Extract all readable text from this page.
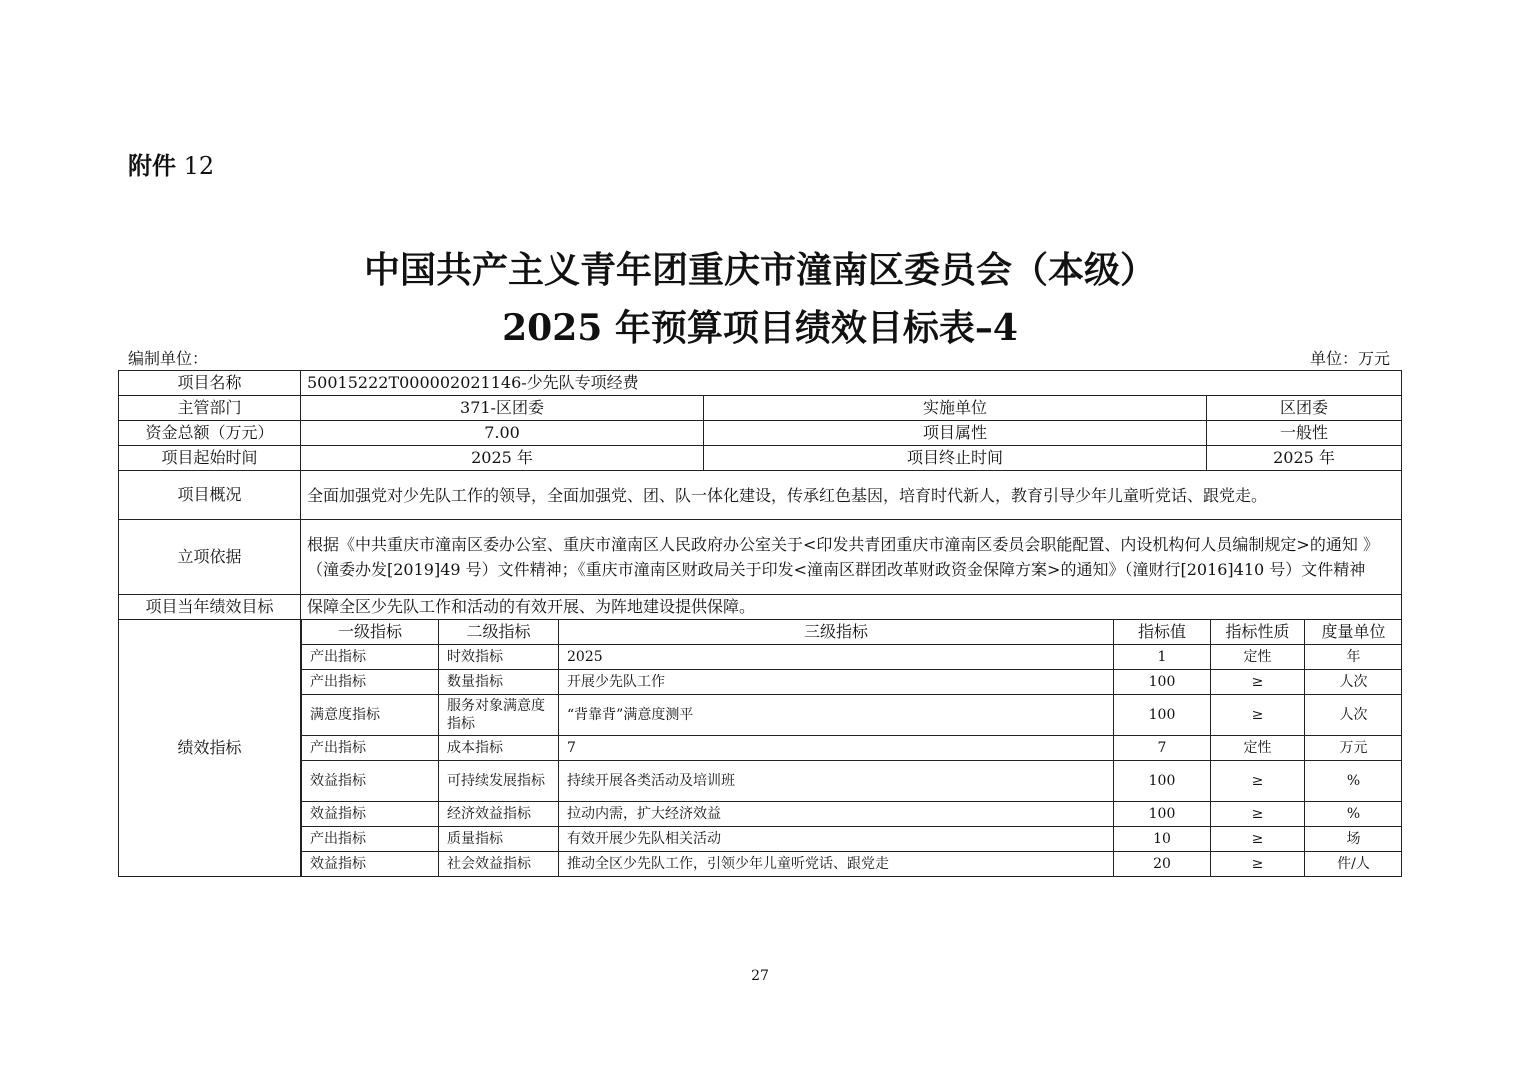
附件 12
中国共产主义青年团重庆市潼南区委员会（本级）
2025 年预算项目绩效目标表–4
编制单位：	单位：万元
项目名称	50015222T000002021146-少先队专项经费
主管部门	371-区团委	实施单位	区团委
资金总额（万元）	7.00	项目属性	一般性
项目起始时间	2025 年	项目终止时间	2025 年
项目概况	全面加强党对少先队工作的领导，全面加强党、团、队一体化建设，传承红色基因，培育时代新人，教育引导少年儿童听党话、跟党走。
立项依据	根据《中共重庆市潼南区委办公室、重庆市潼南区人民政府办公室关于<印发共青团重庆市潼南区委员会职能配置、内设机构何人员编制规定>的通知 》（潼委办发[2019]49 号）文件精神；《重庆市潼南区财政局关于印发<潼南区群团改革财政资金保障方案>的通知》（潼财行[2016]410 号）文件精神
项目当年绩效目标	保障全区少先队工作和活动的有效开展、为阵地建设提供保障。
绩效指标	
一级指标	二级指标	三级指标	指标值	指标性质	度量单位
产出指标	时效指标	2025	1	定性	年
产出指标	数量指标	开展少先队工作	100	≥	人次
满意度指标	服务对象满意度指标	“背靠背”满意度测平	100	≥	人次
产出指标	成本指标	7	7	定性	万元
效益指标	可持续发展指标	持续开展各类活动及培训班	100	≥	%
效益指标	经济效益指标	拉动内需，扩大经济效益	100	≥	%
产出指标	质量指标	有效开展少先队相关活动	10	≥	场
效益指标	社会效益指标	推动全区少先队工作，引领少年儿童听党话、跟党走	20	≥	件/人
27
